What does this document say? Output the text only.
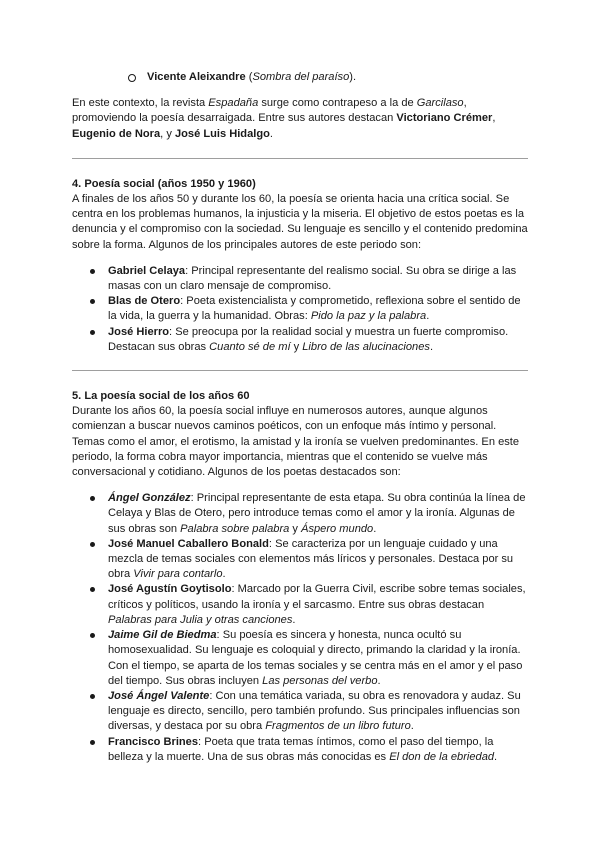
Vicente Aleixandre (Sombra del paraíso).

En este contexto, la revista Espadaña surge como contrapeso a la de Garcilaso, promoviendo la poesía desarraigada. Entre sus autores destacan Victoriano Crémer, Eugenio de Nora, y José Luis Hidalgo.

4. Poesía social (años 1950 y 1960)

A finales de los años 50 y durante los 60, la poesía se orienta hacia una crítica social. Se centra en los problemas humanos, la injusticia y la miseria. El objetivo de estos poetas es la denuncia y el compromiso con la sociedad. Su lenguaje es sencillo y el contenido predomina sobre la forma. Algunos de los principales autores de este periodo son:

Gabriel Celaya: Principal representante del realismo social. Su obra se dirige a las masas con un claro mensaje de compromiso.
Blas de Otero: Poeta existencialista y comprometido, reflexiona sobre el sentido de la vida, la guerra y la humanidad. Obras: Pido la paz y la palabra.
José Hierro: Se preocupa por la realidad social y muestra un fuerte compromiso. Destacan sus obras Cuanto sé de mí y Libro de las alucinaciones.

5. La poesía social de los años 60

Durante los años 60, la poesía social influye en numerosos autores, aunque algunos comienzan a buscar nuevos caminos poéticos, con un enfoque más íntimo y personal. Temas como el amor, el erotismo, la amistad y la ironía se vuelven predominantes. En este periodo, la forma cobra mayor importancia, mientras que el contenido se vuelve más conversacional y cotidiano. Algunos de los poetas destacados son:

Ángel González: Principal representante de esta etapa. Su obra continúa la línea de Celaya y Blas de Otero, pero introduce temas como el amor y la ironía. Algunas de sus obras son Palabra sobre palabra y Áspero mundo.
José Manuel Caballero Bonald: Se caracteriza por un lenguaje cuidado y una mezcla de temas sociales con elementos más líricos y personales. Destaca por su obra Vivir para contarlo.
José Agustín Goytisolo: Marcado por la Guerra Civil, escribe sobre temas sociales, críticos y políticos, usando la ironía y el sarcasmo. Entre sus obras destacan Palabras para Julia y otras canciones.
Jaime Gil de Biedma: Su poesía es sincera y honesta, nunca ocultó su homosexualidad. Su lenguaje es coloquial y directo, primando la claridad y la ironía. Con el tiempo, se aparta de los temas sociales y se centra más en el amor y el paso del tiempo. Sus obras incluyen Las personas del verbo.
José Ángel Valente: Con una temática variada, su obra es renovadora y audaz. Su lenguaje es directo, sencillo, pero también profundo. Sus principales influencias son diversas, y destaca por su obra Fragmentos de un libro futuro.
Francisco Brines: Poeta que trata temas íntimos, como el paso del tiempo, la belleza y la muerte. Una de sus obras más conocidas es El don de la ebriedad.
